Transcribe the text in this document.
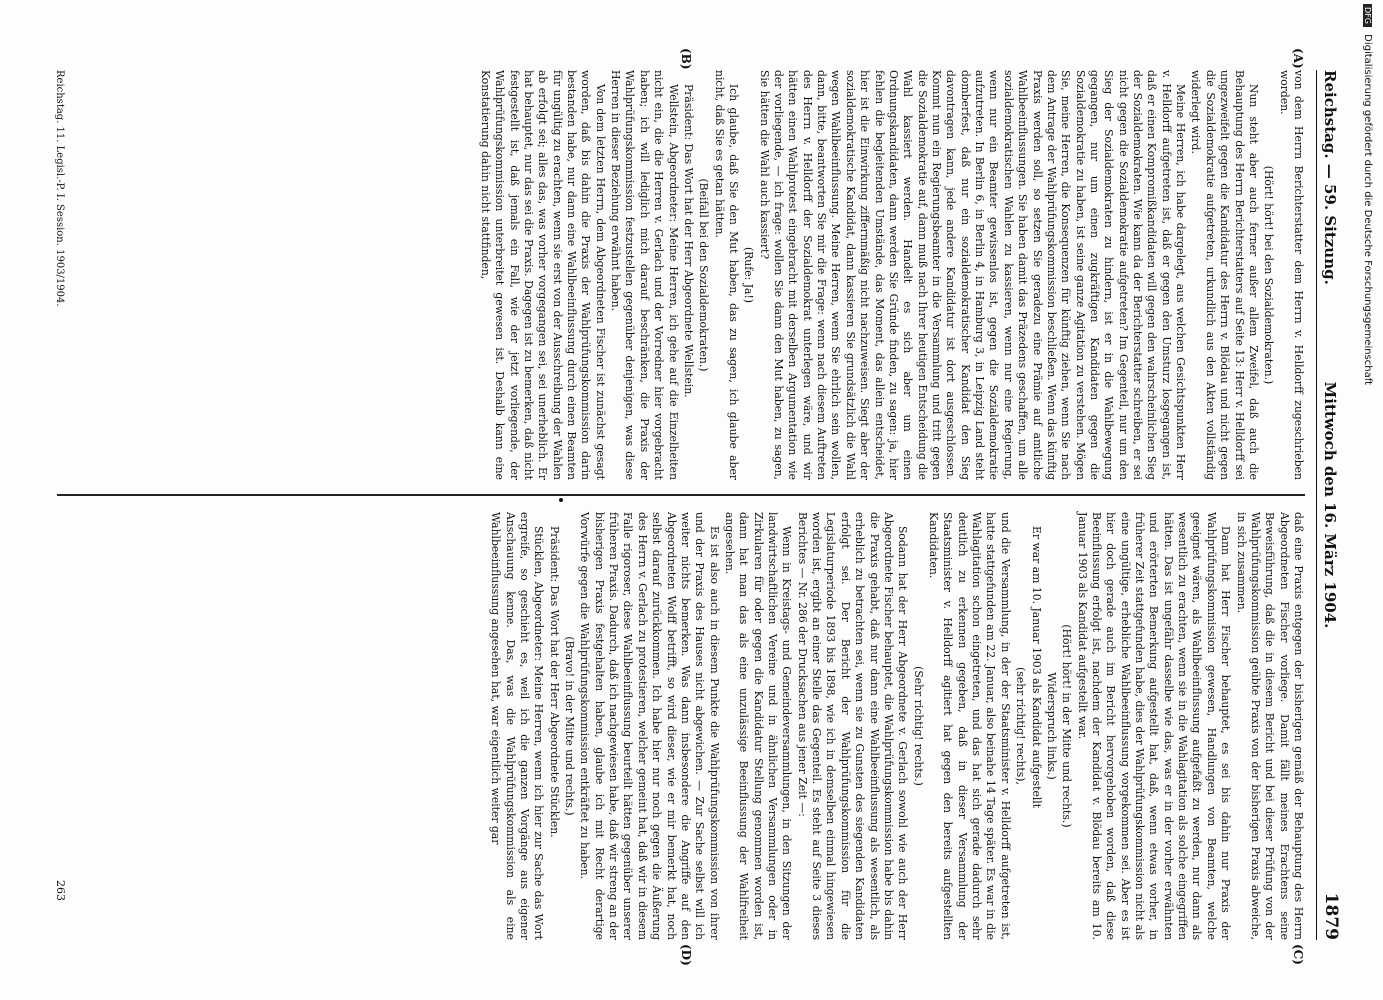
DFG Digitalisierung gefördert durch die Deutsche Forschungsgemeinschaft
Reichstag. — 59. Sitzung.
Mittwoch den 16. März 1904.
1879
(A)
(B)
(C)
(D)

von dem Herrn Berichterstatter dem Herrn v. Helldorff zugeschrieben worden.

(Hört! hört! bei den Sozialdemokraten.)

Nun steht aber auch ferner außer allem Zweifel, daß auch die Behauptung des Herrn Berichterstatters auf Seite 13: Herr v. Helldorff sei ungezweifelt gegen die Kandidatur des Herrn v. Blödau und nicht gegen die Sozialdemokratie aufgetreten, urkundlich aus den Akten vollständig widerlegt wird.

Meine Herren, ich habe dargelegt, aus welchen Gesichtspunkten Herr v. Helldorff aufgetreten ist, daß er gegen den Umsturz losgegangen ist, daß er einen Kompromißkandidaten will gegen den wahrscheinlichen Sieg der Sozialdemokraten. Wie kann da der Berichterstatter schreiben, er sei nicht gegen die Sozialdemokratie aufgetreten? Im Gegenteil, nur um den Sieg der Sozialdemokraten zu hindern, ist er in die Wahlbewegung gegangen, nur um einen zugkräftigen Kandidaten gegen die Sozialdemokratie zu haben, ist seine ganze Agitation zu verstehen. Mögen Sie, meine Herren, die Konsequenzen für künftig ziehen, wenn Sie nach dem Antrage der Wahlprüfungskommission beschließen. Wenn das künftig Praxis werden soll, so setzen Sie geradezu eine Prämie auf amtliche Wahlbeeinflussungen. Sie haben damit das Präzedens geschaffen, um alle sozialdemokratischen Wahlen zu kassieren, wenn nur eine Regierung, wenn nur ein Beamter gewissenlos ist, gegen die Sozialdemokratie aufzutreten. In Berlin 6, in Berlin 4, in Hamburg 3, in Leipzig Land steht domberfest, daß nur ein sozialdemokratischer Kandidat den Sieg davontragen kann, jede andere Kandidatur ist dort ausgeschlossen. Kommt nun ein Regierungsbeamter in die Versammlung und tritt gegen die Sozialdemokratie auf, dann muß nach Ihrer heutigen Entscheidung die Wahl kassiert werden. Handelt es sich aber um einen Ordnungskandidaten, dann werden Sie Gründe finden, zu sagen: ja, hier fehlen die begleitenden Umstände, das Moment, das allein entscheidet, hier ist die Einwirkung ziffernmäßig nicht nachzuweisen. Siegt aber der sozialdemokratische Kandidat, dann kassieren Sie grundsätzlich die Wahl wegen Wahlbeeinflussung. Meine Herren, wenn Sie ehrlich sein wollen, dann, bitte, beantworten Sie mir die Frage: wenn nach diesem Auftreten des Herrn v. Helldorff der Sozialdemokrat unterlegen wäre, und wir hätten einen Wahlprotest eingebracht mit derselben Argumentation wie der vorliegende, — ich frage: wollen Sie dann den Mut haben, zu sagen, Sie hätten die Wahl auch kassiert?

(Rufe: Ja!)

Ich glaube, daß Sie den Mut haben, das zu sagen, ich glaube aber nicht, daß Sie es getan hätten.

(Beifall bei den Sozialdemokraten.)

Präsident: Das Wort hat der Herr Abgeordnete Wellstein.

Wellstein, Abgeordneter: Meine Herren, ich gehe auf die Einzelheiten nicht ein, die die Herren v. Gerlach und der Vorredner hier vorgebracht haben; ich will lediglich mich darauf beschränken, die Praxis der Wahlprüfungskommission festzustellen gegenüber denjenigen, was diese Herren in dieser Beziehung erwähnt haben.

Von dem letzten Herrn, dem Abgeordneten Fischer ist zunächst gesagt worden, daß bis dahin die Praxis der Wahlprüfungskommission darin bestanden habe, nur dann eine Wahlbeeinflussung durch einen Beamten für ungültig zu erachten, wenn sie erst von der Ausschreibung der Wahlen ab erfolgt sei; alles das, was vorher vorgegangen sei, sei unerheblich. Er hat behauptet, nur das sei die Praxis. Dagegen ist zu bemerken, daß nicht festgestellt ist, daß jemals ein Fall, wie der jetzt vorliegende, der Wahlprüfungskommission unterbreitet gewesen ist. Deshalb kann eine Konstatierung dahin nicht stattfinden,

daß eine Praxis entgegen der bisherigen gemäß der Behauptung des Herrn Abgeordneten Fischer vorliege. Damit fällt meines Erachtens seine Beweisführung, daß die in diesem Bericht und bei dieser Prüfung von der Wahlprüfungskommission geübte Praxis von der bisherigen Praxis abweiche, in sich zusammen.

Dann hat Herr Fischer behauptet, es sei bis dahin nur Praxis der Wahlprüfungskommission gewesen, Handlungen von Beamten, welche geeignet wären, als Wahlbeeinflussung aufgefaßt zu werden, nur dann als wesentlich zu erachten, wenn sie in die Wahlagitation als solche eingegriffen hätten. Das ist ungefähr dasselbe wie das, was er in der vorher erwähnten und erörterten Bemerkung aufgestellt hat, daß, wenn etwas vorher, in früherer Zeit stattgefunden habe, dies der Wahlprüfungskommission nicht als eine ungültige, erhebliche Wahlbeeinflussung vorgekommen sei. Aber es ist hier doch gerade auch im Bericht hervorgehoben worden, daß diese Beeinflussung erfolgt ist, nachdem der Kandidat v. Blödau bereits am 10. Januar 1903 als Kandidat aufgestellt war.

(Hört! hört! in der Mitte und rechts.)

Widerspruch links.)

Er war am 10. Januar 1903 als Kandidat aufgestellt

(sehr richtig! rechts),

und die Versammlung, in der der Staatsminister v. Helldorff aufgetreten ist, hatte stattgefunden am 22. Januar, also beinahe 14 Tage später. Es war in die Wahlagitation schon eingetreten, und das hat sich gerade dadurch sehr deutlich zu erkennen gegeben, daß in dieser Versammlung der Staatsminister v. Helldorff agitiert hat gegen den bereits aufgestellten Kandidaten.

(Sehr richtig! rechts.)

Sodann hat der Herr Abgeordnete v. Gerlach sowohl wie auch der Herr Abgeordnete Fischer behauptet, die Wahlprüfungskommission habe bis dahin die Praxis gehabt, daß nur dann eine Wahlbeeinflussung als wesentlich, als erheblich zu betrachten sei, wenn sie zu Gunsten des siegenden Kandidaten erfolgt sei. Der Bericht der Wahlprüfungskommission für die Legislaturperiode 1893 bis 1898, wie ich in demselben einmal hingewiesen worden ist, ergibt an einer Stelle das Gegenteil. Es steht auf Seite 3 dieses Berichtes — Nr. 286 der Drucksachen aus jener Zeit —:

Wenn in Kreistags- und Gemeindeversammlungen, in den Sitzungen der landwirtschaftlichen Vereine und in ähnlichen Versammlungen oder in Zirkularen für oder gegen die Kandidatur Stellung genommen worden ist, dann hat man das als eine unzulässige Beeinflussung der Wahlfreiheit angesehen.

Es ist also auch in diesem Punkte die Wahlprüfungskommission von ihrer und der Praxis des Hauses nicht abgewichen. — Zur Sache selbst will ich weiter nichts bemerken. Was dann insbesondere die Angriffe auf den Abgeordneten Wolff betrifft, so wird dieser, wie er mir bemerkt hat, noch selbst darauf zurückkommen. Ich habe hier nur noch gegen die Äußerung des Herrn v. Gerlach zu protestieren, welcher gemeint hat, daß wir in diesem Falle rigoroser, diese Wahlbeeinflussung beurteilt hätten gegenüber unserer früheren Praxis. Dadurch, daß ich nachgewiesen habe, daß wir streng an der bisherigen Praxis festgehalten haben, glaube ich mit Recht derartige Vorwürfe gegen die Wahlprüfungskommission entkräftet zu haben.

(Bravo! in der Mitte und rechts.)

Präsident: Das Wort hat der Herr Abgeordnete Stücklen.

Stücklen, Abgeordneter: Meine Herren, wenn ich hier zur Sache das Wort ergreife, so geschieht es, weil ich die ganzen Vorgänge aus eigener Anschauung kenne. Das, was die Wahlprüfungskommission als eine Wahlbeeinflussung angesehen hat, war eigentlich weiter gar

Reichstag. 11. Legisl.-P. I. Session. 1903/1904.
263
